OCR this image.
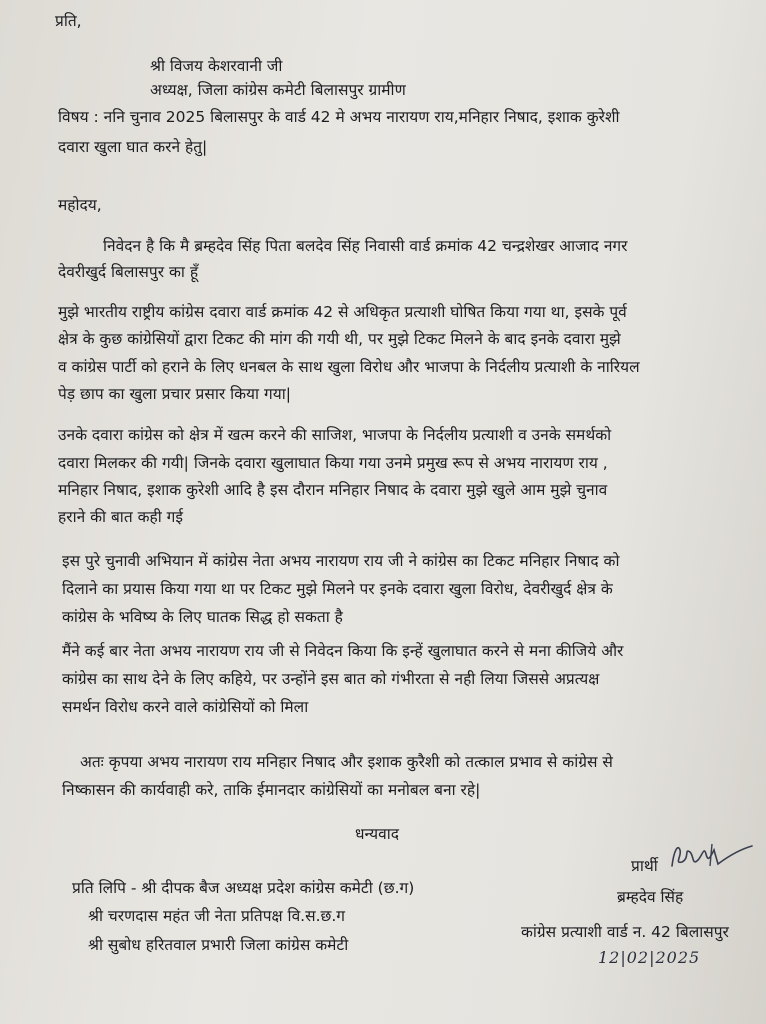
प्रति,
श्री विजय केशरवानी जी
अध्यक्ष, जिला कांग्रेस कमेटी बिलासपुर ग्रामीण
विषय : ननि चुनाव 2025 बिलासपुर के वार्ड 42 मे अभय नारायण राय,मनिहार निषाद, इशाक कुरेशी
दवारा खुला घात करने हेतु|
महोदय,
निवेदन है कि मै ब्रम्हदेव सिंह पिता बलदेव सिंह निवासी वार्ड क्रमांक 42 चन्द्रशेखर आजाद नगर
देवरीखुर्द बिलासपुर का हूँ
मुझे भारतीय राष्ट्रीय कांग्रेस दवारा वार्ड क्रमांक 42 से अधिकृत प्रत्याशी घोषित किया गया था, इसके पूर्व
क्षेत्र के कुछ कांग्रेसियों द्वारा टिकट की मांग की गयी थी, पर मुझे टिकट मिलने के बाद इनके दवारा मुझे
व कांग्रेस पार्टी को हराने के लिए धनबल के साथ खुला विरोध और भाजपा के निर्दलीय प्रत्याशी के नारियल
पेड़ छाप का खुला प्रचार प्रसार किया गया|
उनके दवारा कांग्रेस को क्षेत्र में खत्म करने की साजिश, भाजपा के निर्दलीय प्रत्याशी व उनके समर्थको
दवारा मिलकर की गयी| जिनके दवारा खुलाघात किया गया उनमे प्रमुख रूप से अभय नारायण राय ,
मनिहार निषाद, इशाक कुरेशी आदि है इस दौरान मनिहार निषाद के दवारा मुझे खुले आम मुझे चुनाव
हराने की बात कही गई
इस पुरे चुनावी अभियान में कांग्रेस नेता अभय नारायण राय जी ने कांग्रेस का टिकट मनिहार निषाद को
दिलाने का प्रयास किया गया था पर टिकट मुझे मिलने पर इनके दवारा खुला विरोध, देवरीखुर्द क्षेत्र के
कांग्रेस के भविष्य के लिए घातक सिद्ध हो सकता है
मैंने कई बार नेता अभय नारायण राय जी से निवेदन किया कि इन्हें खुलाघात करने से मना कीजिये और
कांग्रेस का साथ देने के लिए कहिये, पर उन्होंने इस बात को गंभीरता से नही लिया जिससे अप्रत्यक्ष
समर्थन विरोध करने वाले कांग्रेसियों को मिला
अतः कृपया अभय नारायण राय मनिहार निषाद और इशाक कुरैशी को तत्काल प्रभाव से कांग्रेस से
निष्कासन की कार्यवाही करे, ताकि ईमानदार कांग्रेसियों का मनोबल बना रहे|
धन्यवाद
प्रार्थी
ब्रम्हदेव सिंह
कांग्रेस प्रत्याशी वार्ड न. 42 बिलासपुर
12|02|2025
प्रति लिपि - श्री दीपक बैज अध्यक्ष प्रदेश कांग्रेस कमेटी (छ.ग)
श्री चरणदास महंत जी नेता प्रतिपक्ष वि.स.छ.ग
श्री सुबोध हरितवाल प्रभारी जिला कांग्रेस कमेटी
